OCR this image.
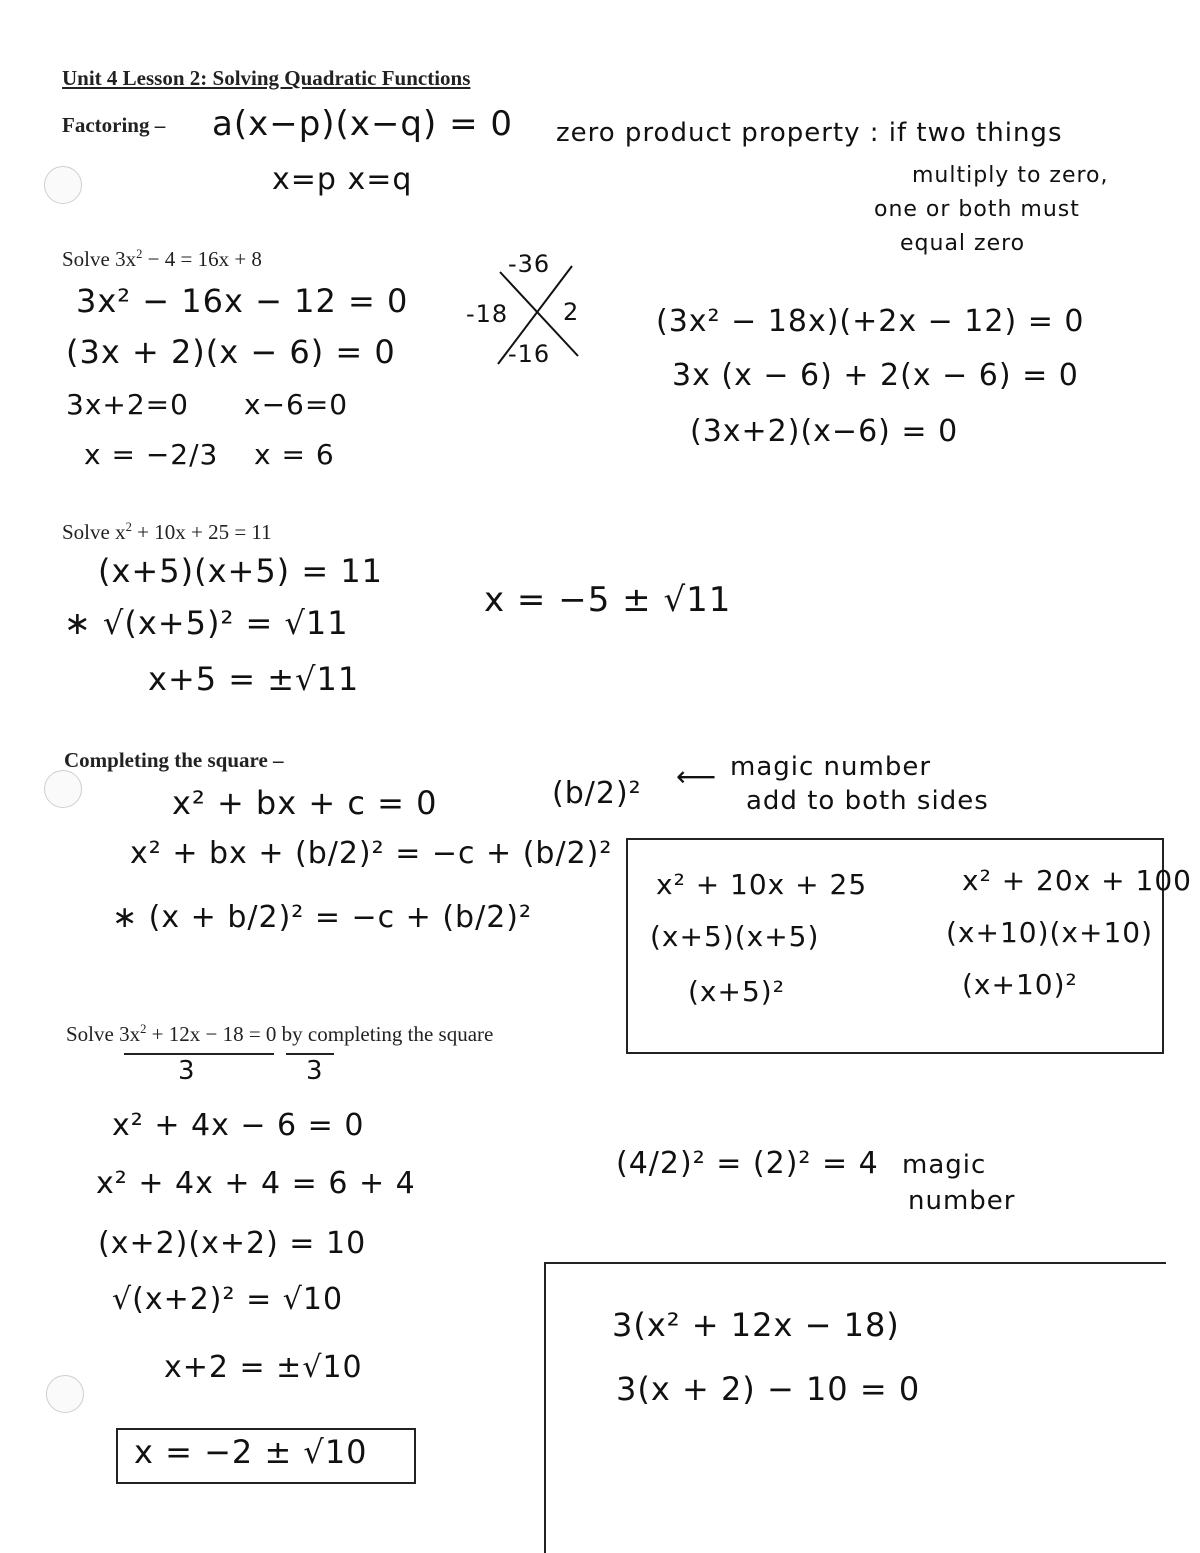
Unit 4 Lesson 2: Solving Quadratic Functions
Factoring – a(x−p)(x−q) = 0
x=p x=q
zero product property : if two things
multiply to zero,
one or both must
equal zero
Solve $3x^2 - 4 = 16x + 8$
3x² − 16x − 12 = 0
(3x + 2)(x − 6) = 0
3x+2=0 x−6=0
x = −2/3 x = 6
-36
-18 2
-16
(3x² − 18x)(+2x − 12) = 0
3x (x − 6) + 2(x − 6) = 0
(3x+2)(x−6) = 0
Solve $x^2 + 10x + 25 = 11$
(x+5)(x+5) = 11
∗ √(x+5)² = √11
x+5 = ±√11
x = −5 ± √11
Completing the square –
x² + bx + c = 0
x² + bx + (b/2)² = −c + (b/2)²
∗ (x + b/2)² = −c + (b/2)²
(b/2)² ⟵ magic number
add to both sides
x² + 10x + 25
(x+5)(x+5)
(x+5)²
x² + 20x + 100
(x+10)(x+10)
(x+10)²
Solve $3x^2 + 12x - 18 = 0$ by completing the square
3	3
x² + 4x − 6 = 0
x² + 4x + 4 = 6 + 4
(x+2)(x+2) = 10
√(x+2)² = √10
x+2 = ±√10
x = −2 ± √10
(4/2)² = (2)² = 4 magic
number
3(x² + 12x − 18)
3(x + 2) − 10 = 0
